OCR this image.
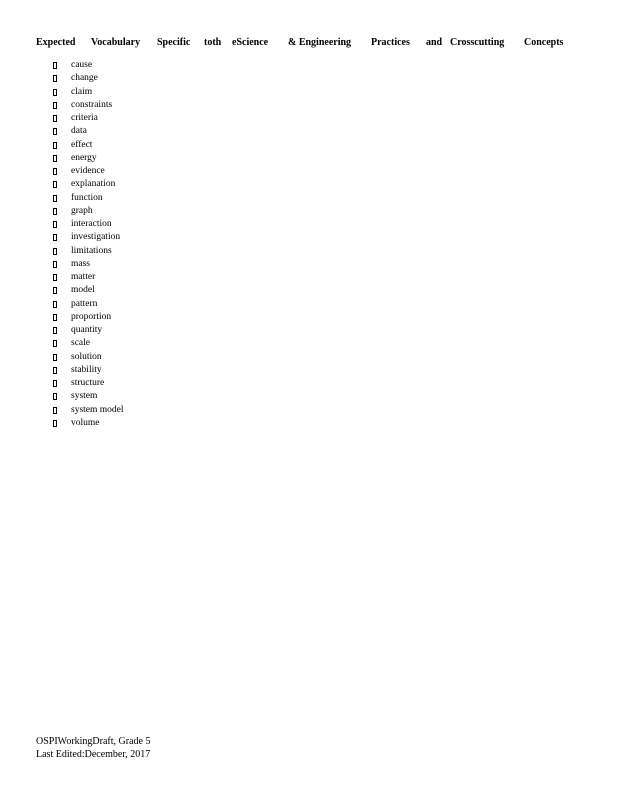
Expected Vocabulary Specific toth eScience & Engineering Practices and Crosscutting Concepts
cause
change
claim
constraints
criteria
data
effect
energy
evidence
explanation
function
graph
interaction
investigation
limitations
mass
matter
model
pattern
proportion
quantity
scale
solution
stability
structure
system
system model
volume
OSPIWorkingDraft, Grade 5
Last Edited:December, 2017
